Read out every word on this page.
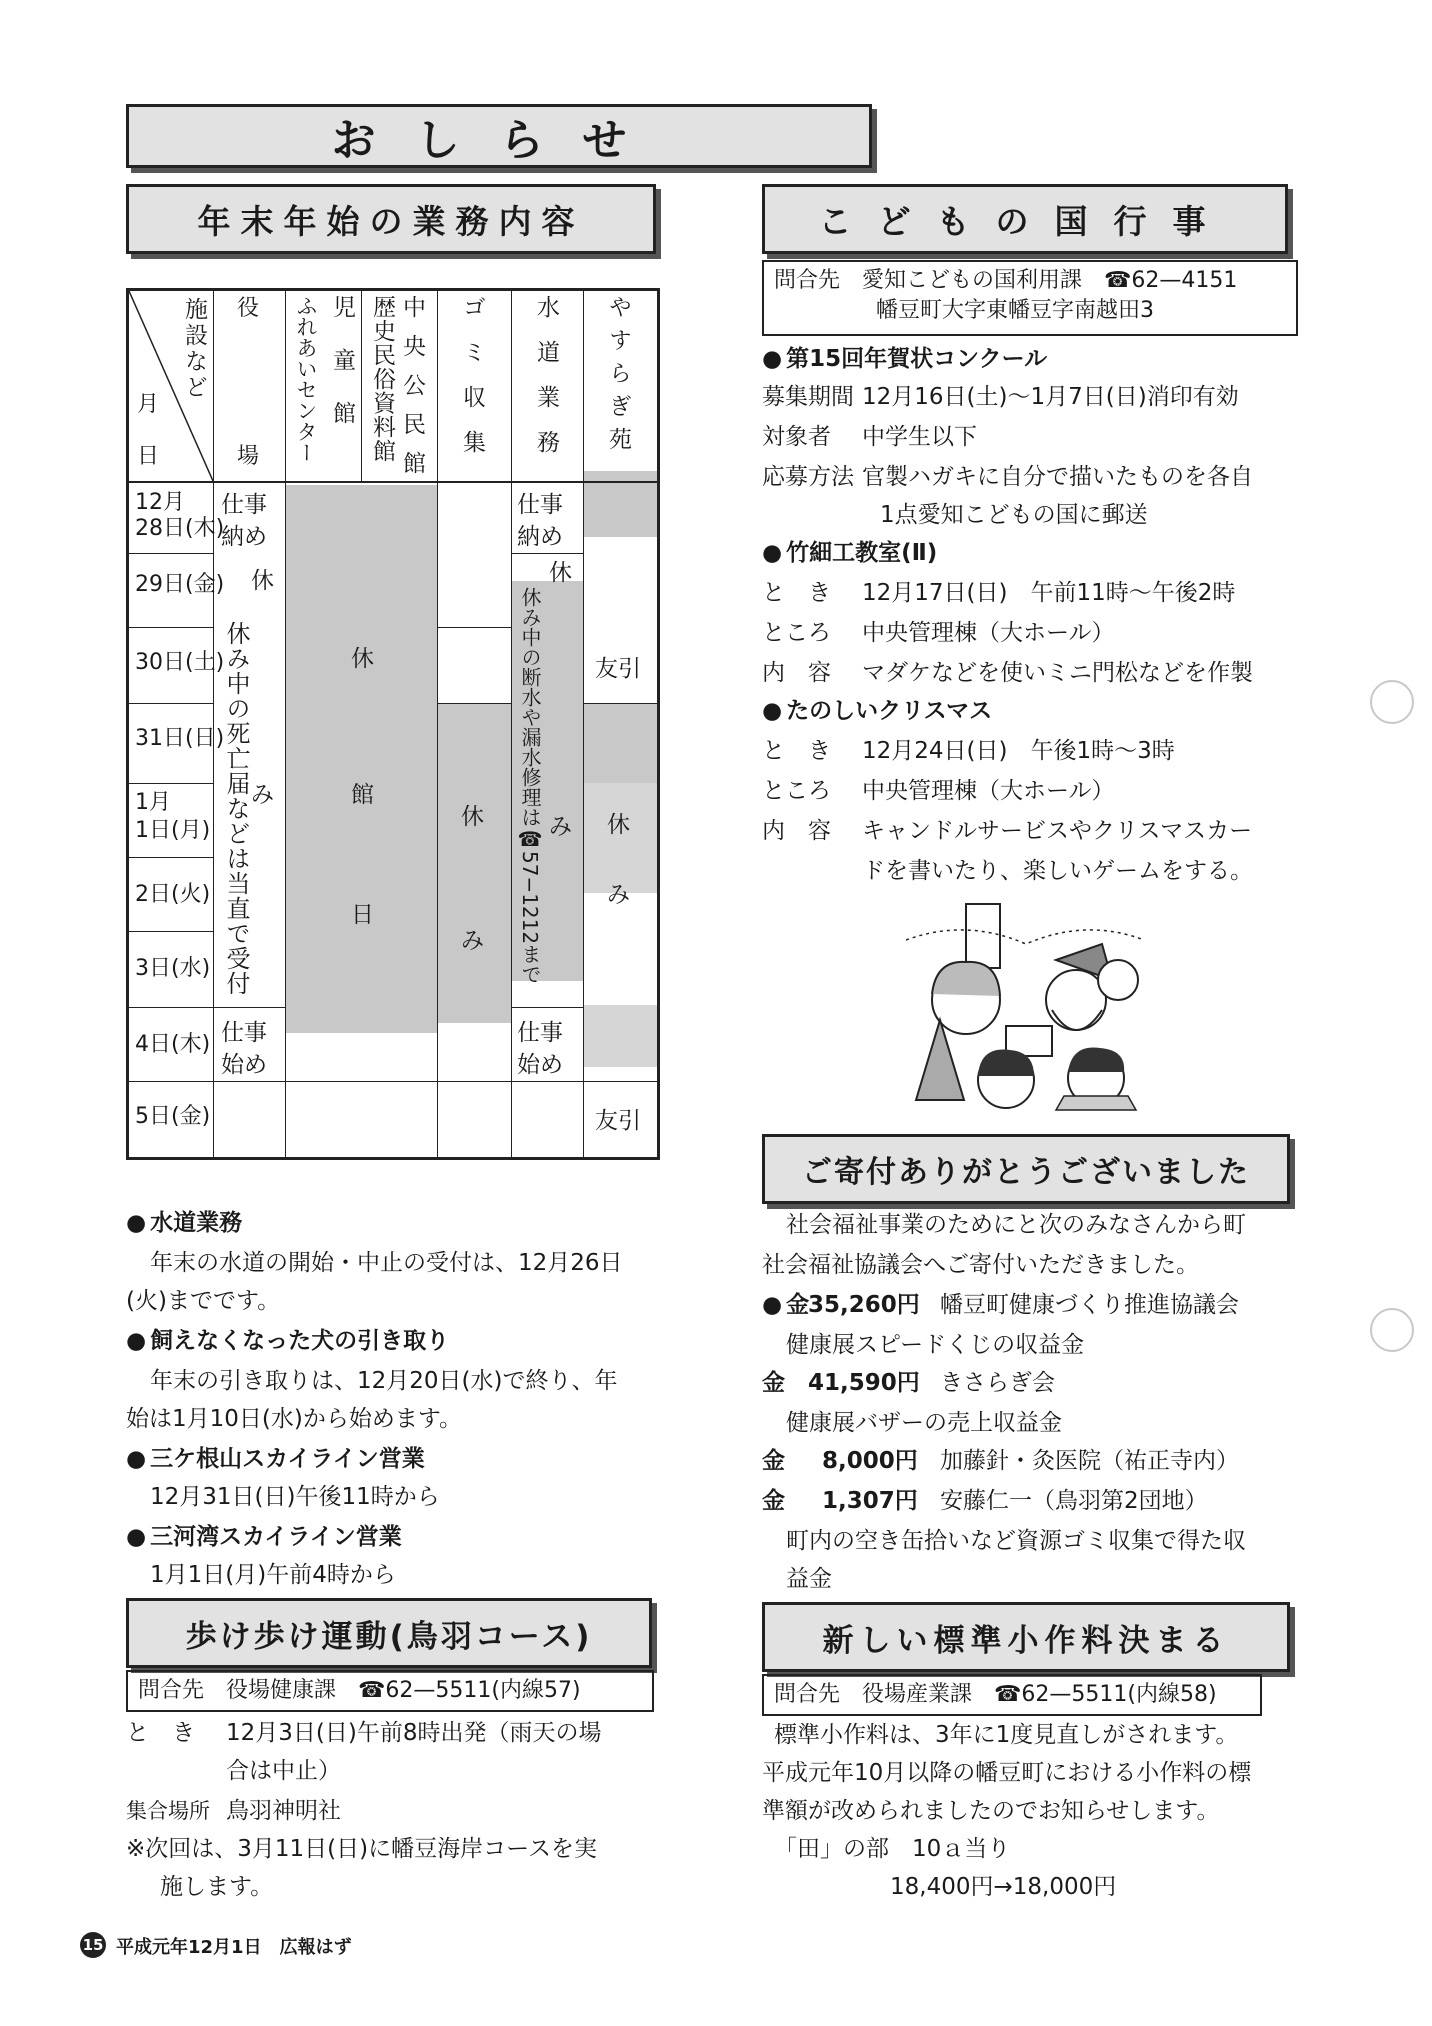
おしらせ
年末年始の業務内容
施設など
月
日
役
場
児童館
ふれあいセンター 歴史民俗資料館 中央公民館 ゴミ収集 水道業務 やすらぎ苑
12月
28日(木)
29日(金)
30日(土)
31日(日)
1月
1日(月)
2日(火)
3日(水)
4日(木)
5日(金)
仕事納め
休
休み中の死亡届などは当直で受付 み
仕事始め
休
館
日
休
み
仕事納め
休
休み中の断水や漏水修理は☎57−1212まで み
仕事始め
友引
休
み
友引
● 水道業務
年末の水道の開始・中止の受付は、12月26日
(火)までです。
● 飼えなくなった犬の引き取り
年末の引き取りは、12月20日(水)で終り、年
始は1月10日(水)から始めます。
● 三ケ根山スカイライン営業
12月31日(日)午後11時から
● 三河湾スカイライン営業
1月1日(月)午前4時から
歩け歩け運動(鳥羽コース)
問合先　役場健康課　☎62—5511(内線57)
と　き 12月3日(日)午前8時出発（雨天の場
合は中止）
集合場所 鳥羽神明社
※次回は、3月11日(日)に幡豆海岸コースを実
施します。
こどもの国行事
問合先　愛知こどもの国利用課　☎62—4151
幡豆町大字東幡豆字南越田3
● 第15回年賀状コンクール
募集期間 12月16日(土)〜1月7日(日)消印有効
対象者 中学生以下
応募方法 官製ハガキに自分で描いたものを各自
1点愛知こどもの国に郵送
● 竹細工教室(Ⅱ)
と　き 12月17日(日)　午前11時〜午後2時
ところ 中央管理棟（大ホール）
内　容 マダケなどを使いミニ門松などを作製
● たのしいクリスマス
と　き 12月24日(日)　午後1時〜3時
ところ 中央管理棟（大ホール）
内　容 キャンドルサービスやクリスマスカー
ドを書いたり、楽しいゲームをする。
ご寄付ありがとうございました
社会福祉事業のためにと次のみなさんから町
社会福祉協議会へご寄付いただきました。
● 金
35,260円 幡豆町健康づくり推進協議会
健康展スピードくじの収益金
金 41,590円 きさらぎ会
健康展バザーの売上収益金
金 8,000円 加藤針・灸医院（祐正寺内）
金 1,307円 安藤仁一（鳥羽第2団地）
町内の空き缶拾いなど資源ゴミ収集で得た収
益金
新しい標準小作料決まる
問合先　役場産業課　☎62—5511(内線58)
標準小作料は、3年に1度見直しがされます。
平成元年10月以降の幡豆町における小作料の標
準額が改められましたのでお知らせします。
「田」の部　10ａ当り
18,400円→18,000円
15 平成元年12月1日　広報はず
